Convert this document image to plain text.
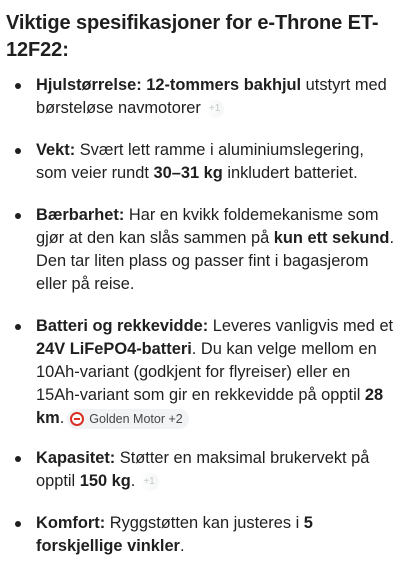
Viktige spesifikasjoner for e-Throne ET-12F22:
Hjulstørrelse: 12-tommers bakhjul utstyrt med børsteløse navmotorer +1
Vekt: Svært lett ramme i aluminiumslegering, som veier rundt 30–31 kg inkludert batteriet.
Bærbarhet: Har en kvikk foldemekanisme som gjør at den kan slås sammen på kun ett sekund. Den tar liten plass og passer fint i bagasjerom eller på reise.
Batteri og rekkevidde: Leveres vanligvis med et 24V LiFePO4-batteri. Du kan velge mellom en 10Ah-variant (godkjent for flyreiser) eller en 15Ah-variant som gir en rekkevidde på opptil 28 km. Golden Motor +2
Kapasitet: Støtter en maksimal brukervekt på opptil 150 kg. +1
Komfort: Ryggstøtten kan justeres i 5 forskjellige vinkler.
